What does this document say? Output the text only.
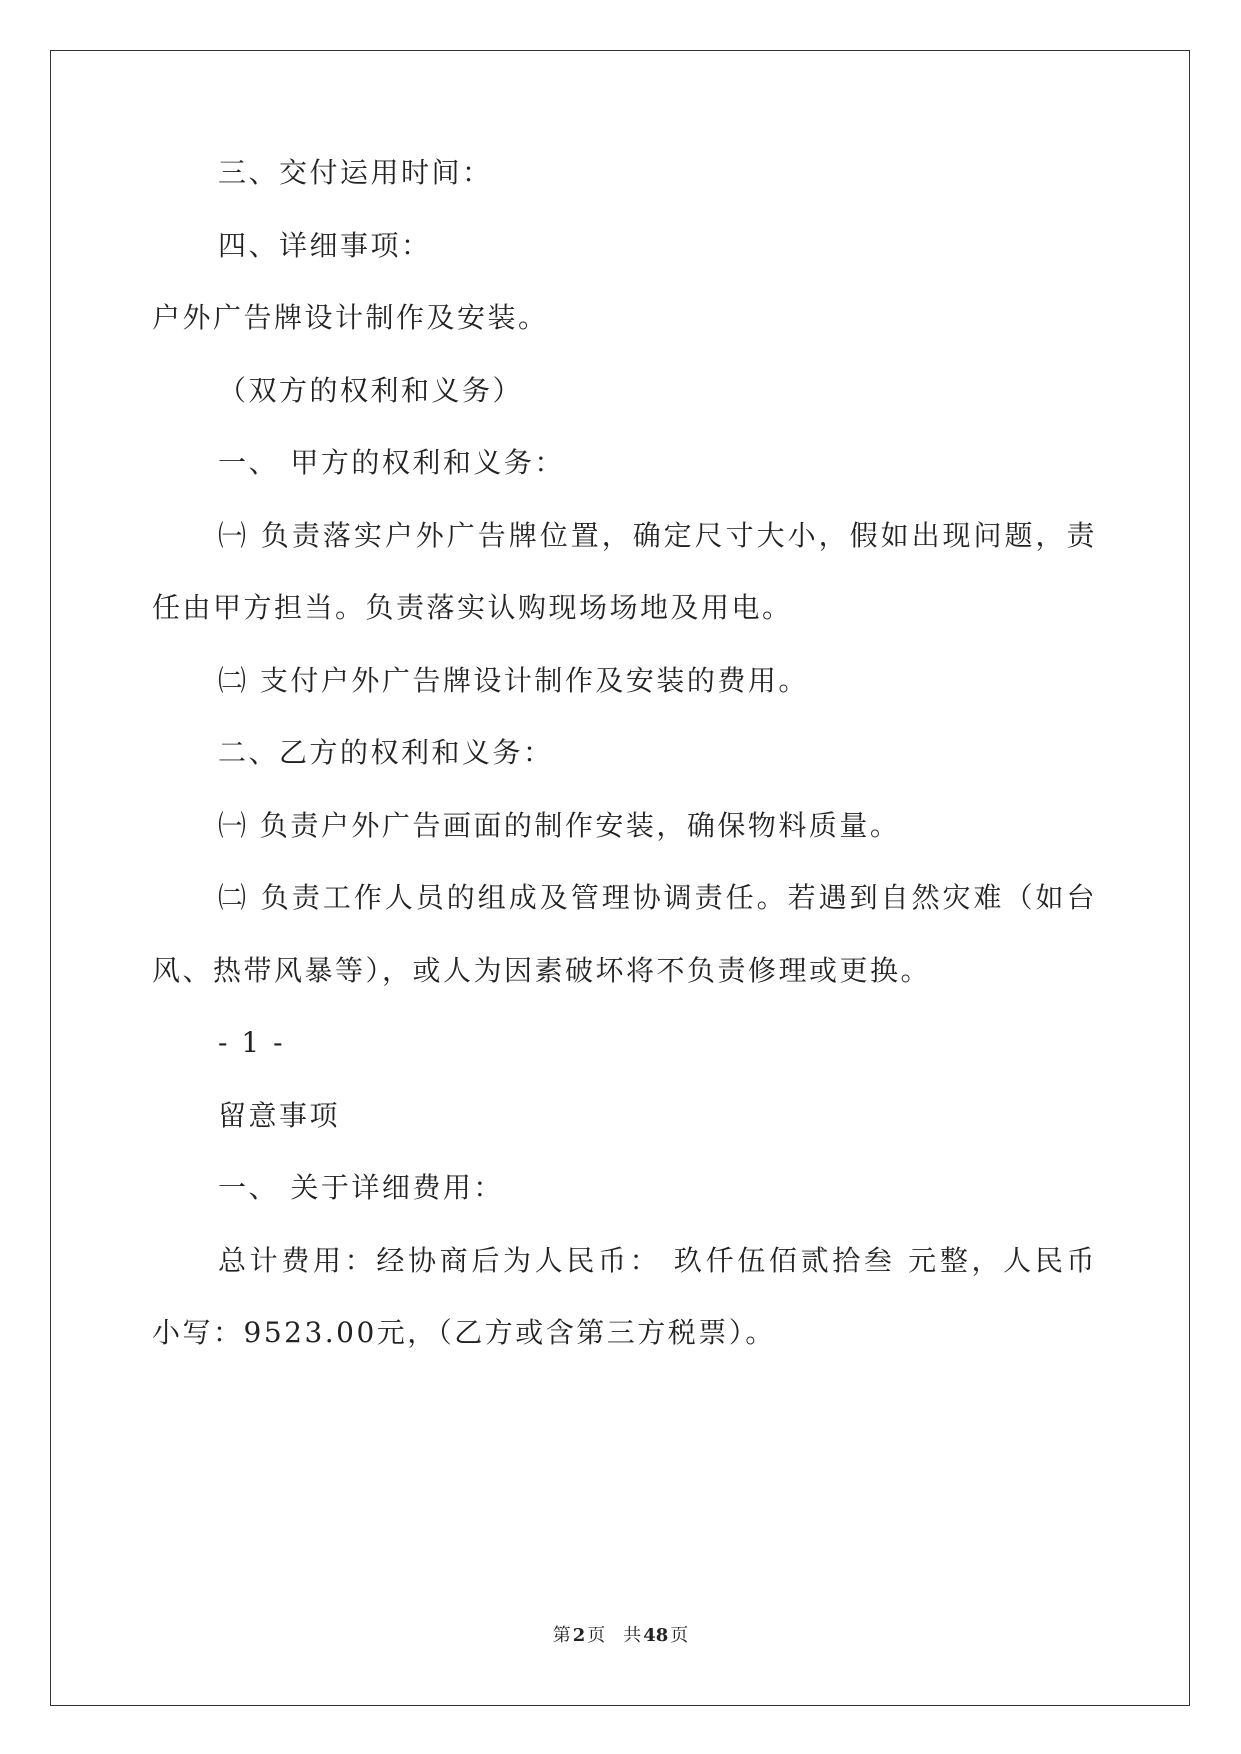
三、交付运用时间：
四、详细事项：
户外广告牌设计制作及安装。
（双方的权利和义务）
一、 甲方的权利和义务：
㈠ 负责落实户外广告牌位置，确定尺寸大小，假如出现问题，责
任由甲方担当。负责落实认购现场场地及用电。
㈡ 支付户外广告牌设计制作及安装的费用。
二、乙方的权利和义务：
㈠ 负责户外广告画面的制作安装，确保物料质量。
㈡ 负责工作人员的组成及管理协调责任。若遇到自然灾难（如台
风、热带风暴等），或人为因素破坏将不负责修理或更换。
- 1 -
留意事项
一、 关于详细费用：
总计费用：经协商后为人民币： 玖仟伍佰贰拾叁 元整，人民币
小写：9523.00元，（乙方或含第三方税票）。
第 2 页 共 48 页
